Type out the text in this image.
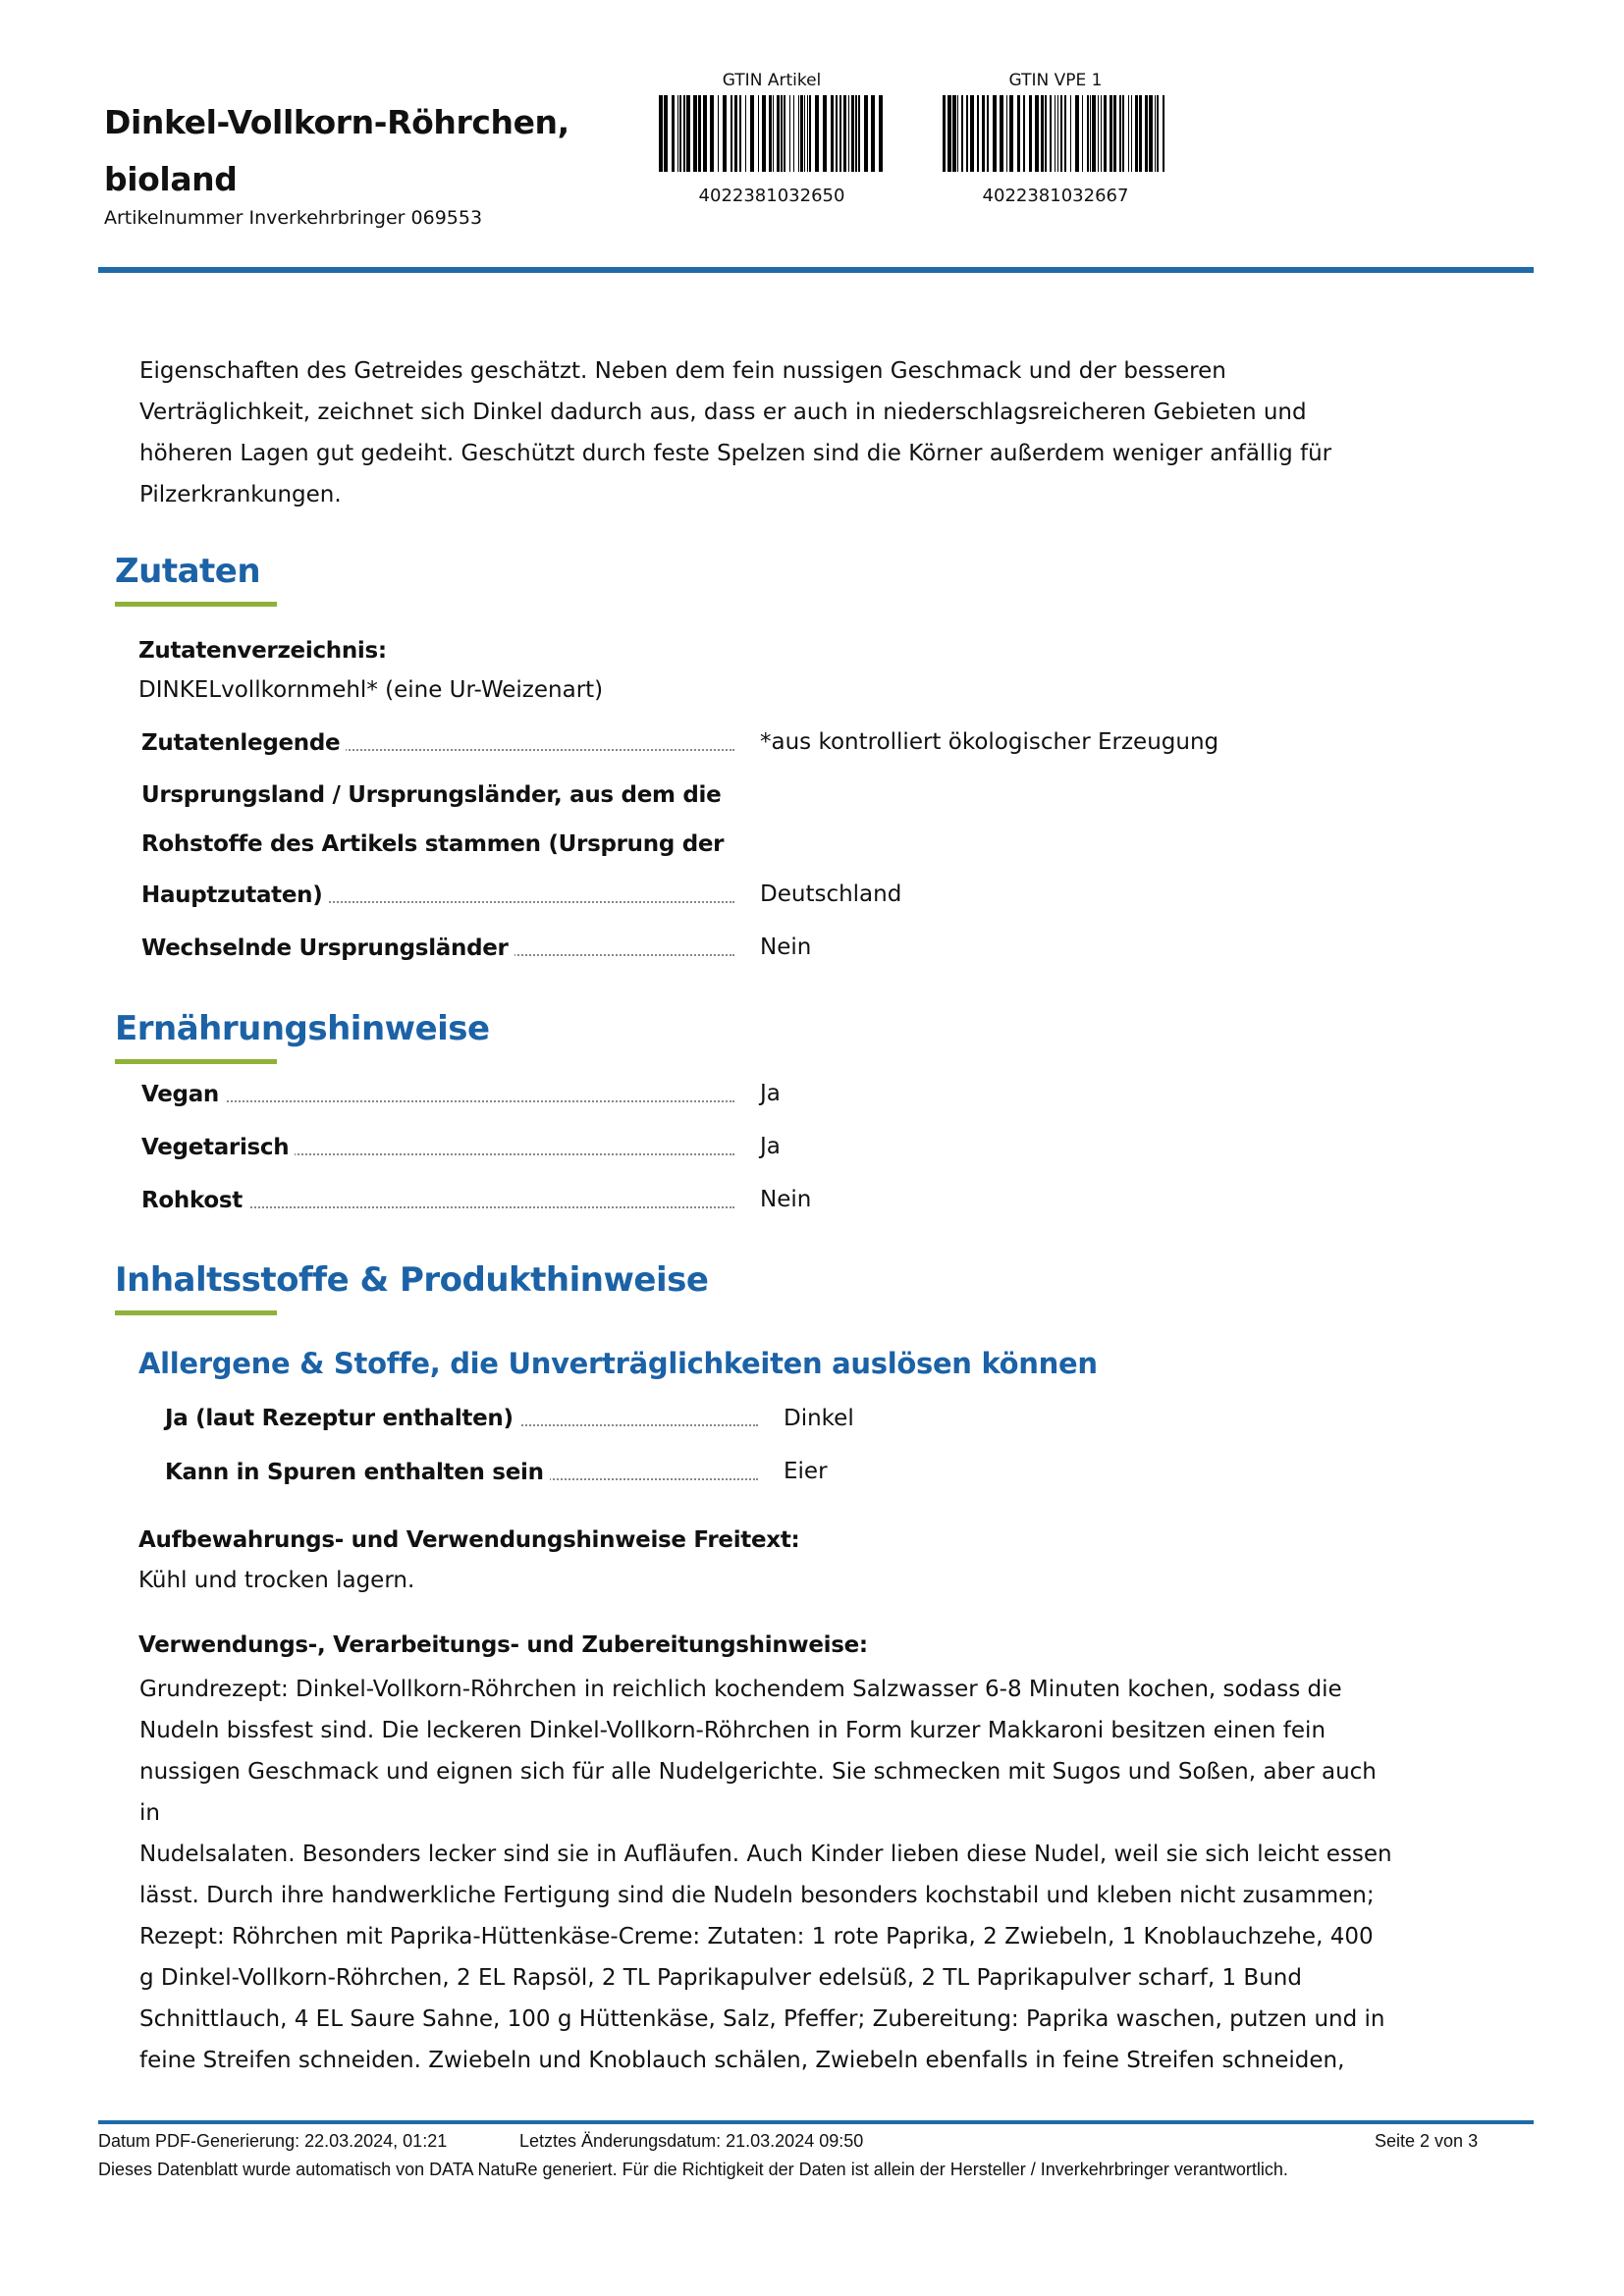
Dinkel-Vollkorn-Röhrchen,
bioland
Artikelnummer Inverkehrbringer 069553
GTIN Artikel
4022381032650
GTIN VPE 1
4022381032667

Eigenschaften des Getreides geschätzt. Neben dem fein nussigen Geschmack und der besseren
Verträglichkeit, zeichnet sich Dinkel dadurch aus, dass er auch in niederschlagsreicheren Gebieten und
höheren Lagen gut gedeiht. Geschützt durch feste Spelzen sind die Körner außerdem weniger anfällig für
Pilzerkrankungen.

Zutaten
Zutatenverzeichnis:
DINKELvollkornmehl* (eine Ur-Weizenart)
Zutatenlegende	*aus kontrolliert ökologischer Erzeugung
Ursprungsland / Ursprungsländer, aus dem die
Rohstoffe des Artikels stammen (Ursprung der
Hauptzutaten)	Deutschland
Wechselnde Ursprungsländer	Nein
Ernährungshinweise
Vegan	Ja
Vegetarisch	Ja
Rohkost	Nein
Inhaltsstoffe & Produkthinweise
Allergene & Stoffe, die Unverträglichkeiten auslösen können
Ja (laut Rezeptur enthalten)	Dinkel
Kann in Spuren enthalten sein	Eier
Aufbewahrungs- und Verwendungshinweise Freitext:
Kühl und trocken lagern.
Verwendungs-, Verarbeitungs- und Zubereitungshinweise:

Grundrezept: Dinkel-Vollkorn-Röhrchen in reichlich kochendem Salzwasser 6-8 Minuten kochen, sodass die
Nudeln bissfest sind. Die leckeren Dinkel-Vollkorn-Röhrchen in Form kurzer Makkaroni besitzen einen fein
nussigen Geschmack und eignen sich für alle Nudelgerichte. Sie schmecken mit Sugos und Soßen, aber auch in
Nudelsalaten. Besonders lecker sind sie in Aufläufen. Auch Kinder lieben diese Nudel, weil sie sich leicht essen
lässt. Durch ihre handwerkliche Fertigung sind die Nudeln besonders kochstabil und kleben nicht zusammen;
Rezept: Röhrchen mit Paprika-Hüttenkäse-Creme: Zutaten: 1 rote Paprika, 2 Zwiebeln, 1 Knoblauchzehe, 400
g Dinkel-Vollkorn-Röhrchen, 2 EL Rapsöl, 2 TL Paprikapulver edelsüß, 2 TL Paprikapulver scharf, 1 Bund
Schnittlauch, 4 EL Saure Sahne, 100 g Hüttenkäse, Salz, Pfeffer; Zubereitung: Paprika waschen, putzen und in
feine Streifen schneiden. Zwiebeln und Knoblauch schälen, Zwiebeln ebenfalls in feine Streifen schneiden,

Datum PDF-Generierung: 22.03.2024, 01:21	Letztes Änderungsdatum: 21.03.2024 09:50	Seite 2 von 3
Dieses Datenblatt wurde automatisch von DATA NatuRe generiert. Für die Richtigkeit der Daten ist allein der Hersteller / Inverkehrbringer verantwortlich.
